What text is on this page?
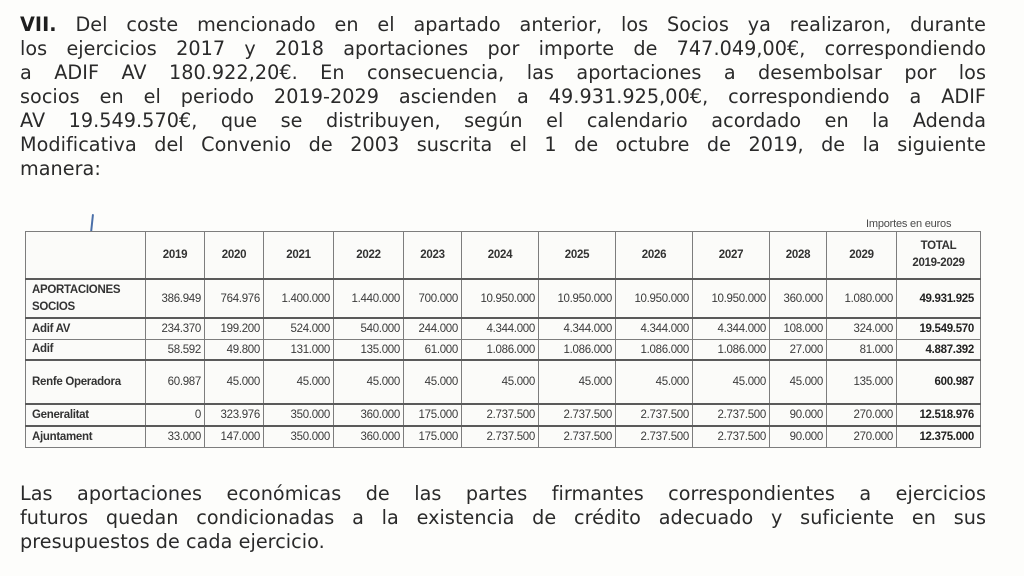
VII. Del coste mencionado en el apartado anterior, los Socios ya realizaron, durante
los ejercicios 2017 y 2018 aportaciones por importe de 747.049,00€, correspondiendo
a ADIF AV 180.922,20€. En consecuencia, las aportaciones a desembolsar por los
socios en el periodo 2019-2029 ascienden a 49.931.925,00€, correspondiendo a ADIF
AV 19.549.570€, que se distribuyen, según el calendario acordado en la Adenda
Modificativa del Convenio de 2003 suscrita el 1 de octubre de 2019, de la siguiente
manera:
Importes en euros
	2019	2020	2021	2022	2023	2024	2025	2026	2027	2028	2029	TOTAL
2019-2029
APORTACIONES SOCIOS	386.949	764.976	1.400.000	1.440.000	700.000	10.950.000	10.950.000	10.950.000	10.950.000	360.000	1.080.000	49.931.925
Adif AV	234.370	199.200	524.000	540.000	244.000	4.344.000	4.344.000	4.344.000	4.344.000	108.000	324.000	19.549.570
Adif	58.592	49.800	131.000	135.000	61.000	1.086.000	1.086.000	1.086.000	1.086.000	27.000	81.000	4.887.392
Renfe Operadora	60.987	45.000	45.000	45.000	45.000	45.000	45.000	45.000	45.000	45.000	135.000	600.987
Generalitat	0	323.976	350.000	360.000	175.000	2.737.500	2.737.500	2.737.500	2.737.500	90.000	270.000	12.518.976
Ajuntament	33.000	147.000	350.000	360.000	175.000	2.737.500	2.737.500	2.737.500	2.737.500	90.000	270.000	12.375.000
Las aportaciones económicas de las partes firmantes correspondientes a ejercicios
futuros quedan condicionadas a la existencia de crédito adecuado y suficiente en sus
presupuestos de cada ejercicio.
